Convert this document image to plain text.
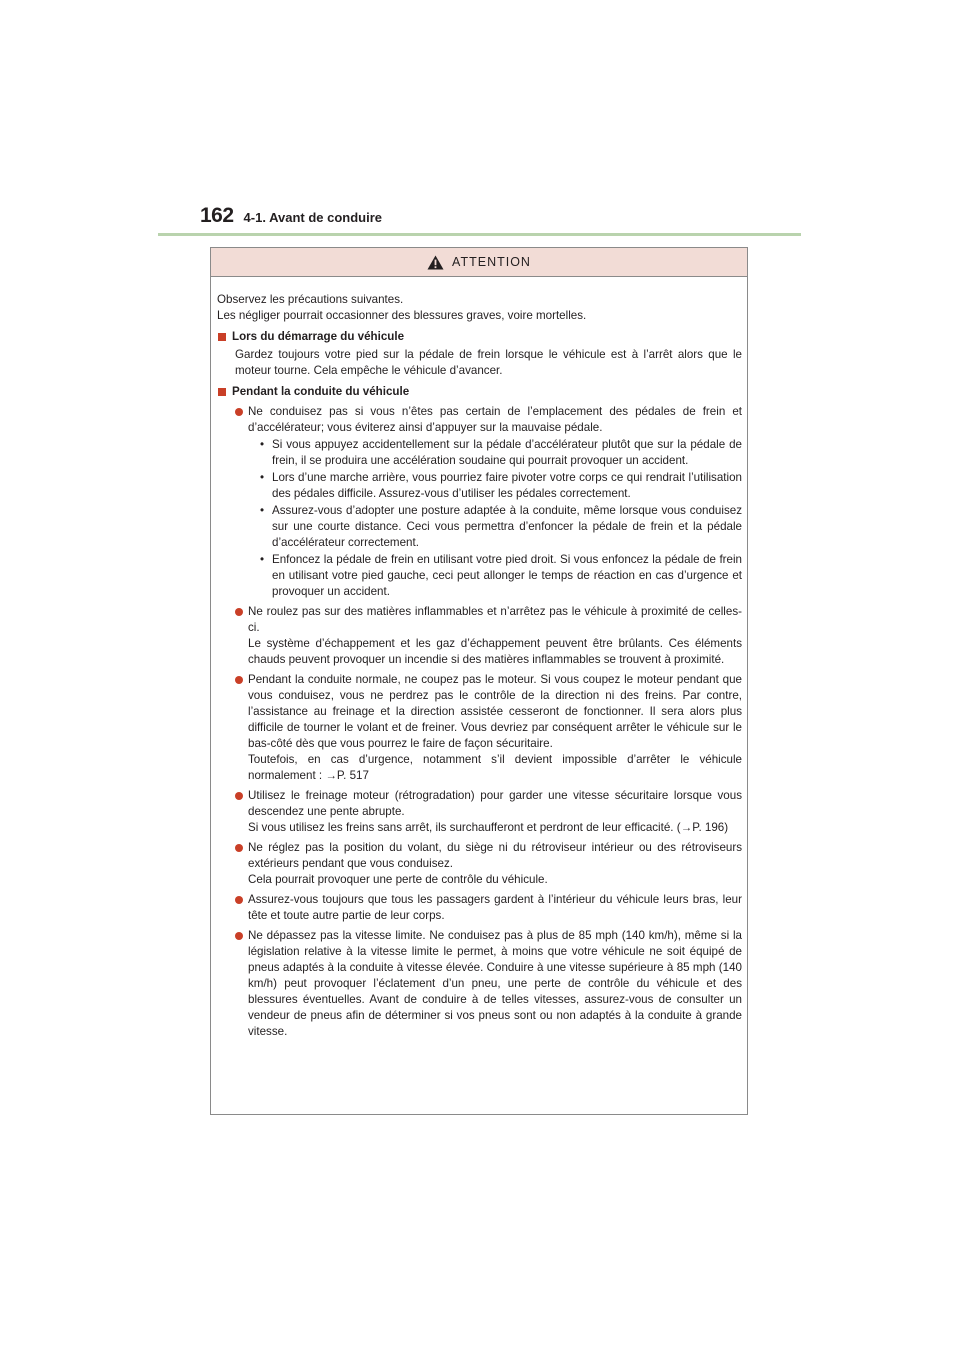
162 4-1. Avant de conduire
ATTENTION

Observez les précautions suivantes.

Les négliger pourrait occasionner des blessures graves, voire mortelles.

Lors du démarrage du véhicule

Gardez toujours votre pied sur la pédale de frein lorsque le véhicule est à l’arrêt alors que le moteur tourne. Cela empêche le véhicule d’avancer.

Pendant la conduite du véhicule

Ne conduisez pas si vous n’êtes pas certain de l’emplacement des pédales de frein et d’accélérateur; vous éviterez ainsi d’appuyer sur la mauvaise pédale.

• Si vous appuyez accidentellement sur la pédale d’accélérateur plutôt que sur la pédale de frein, il se produira une accélération soudaine qui pourrait provoquer un accident.
• Lors d’une marche arrière, vous pourriez faire pivoter votre corps ce qui rendrait l’utilisation des pédales difficile. Assurez-vous d’utiliser les pédales correctement.
• Assurez-vous d’adopter une posture adaptée à la conduite, même lorsque vous conduisez sur une courte distance. Ceci vous permettra d’enfoncer la pédale de frein et la pédale d’accélérateur correctement.
• Enfoncez la pédale de frein en utilisant votre pied droit. Si vous enfoncez la pédale de frein en utilisant votre pied gauche, ceci peut allonger le temps de réaction en cas d’urgence et provoquer un accident.

Ne roulez pas sur des matières inflammables et n’arrêtez pas le véhicule à proximité de celles-ci.

Le système d’échappement et les gaz d’échappement peuvent être brûlants. Ces éléments chauds peuvent provoquer un incendie si des matières inflammables se trouvent à proximité.

Pendant la conduite normale, ne coupez pas le moteur. Si vous coupez le moteur pendant que vous conduisez, vous ne perdrez pas le contrôle de la direction ni des freins. Par contre, l’assistance au freinage et la direction assistée cesseront de fonctionner. Il sera alors plus difficile de tourner le volant et de freiner. Vous devriez par conséquent arrêter le véhicule sur le bas-côté dès que vous pourrez le faire de façon sécuritaire.

Toutefois, en cas d’urgence, notamment s’il devient impossible d’arrêter le véhicule normalement : →P. 517

Utilisez le freinage moteur (rétrogradation) pour garder une vitesse sécuritaire lorsque vous descendez une pente abrupte.

Si vous utilisez les freins sans arrêt, ils surchaufferont et perdront de leur efficacité. (→P. 196)

Ne réglez pas la position du volant, du siège ni du rétroviseur intérieur ou des rétroviseurs extérieurs pendant que vous conduisez.

Cela pourrait provoquer une perte de contrôle du véhicule.

Assurez-vous toujours que tous les passagers gardent à l’intérieur du véhicule leurs bras, leur tête et toute autre partie de leur corps.

Ne dépassez pas la vitesse limite. Ne conduisez pas à plus de 85 mph (140 km/h), même si la législation relative à la vitesse limite le permet, à moins que votre véhicule ne soit équipé de pneus adaptés à la conduite à vitesse élevée. Conduire à une vitesse supérieure à 85 mph (140 km/h) peut provoquer l’éclatement d’un pneu, une perte de contrôle du véhicule et des blessures éventuelles. Avant de conduire à de telles vitesses, assurez-vous de consulter un vendeur de pneus afin de déterminer si vos pneus sont ou non adaptés à la conduite à grande vitesse.
